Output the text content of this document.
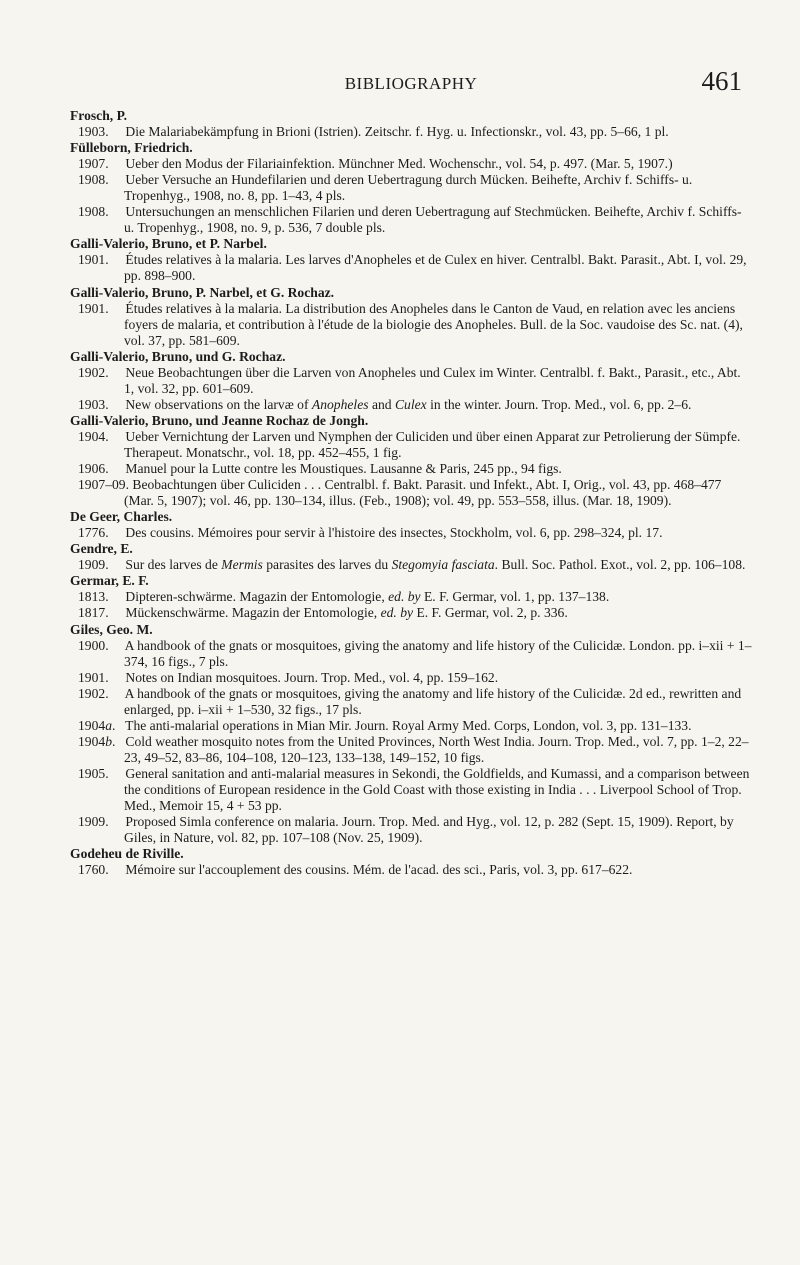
BIBLIOGRAPHY	461

Frosch, P.

1903. Die Malariabekämpfung in Brioni (Istrien). Zeitschr. f. Hyg. u. Infectionskr., vol. 43, pp. 5–66, 1 pl.

Fülleborn, Friedrich.

1907. Ueber den Modus der Filariainfektion. Münchner Med. Wochenschr., vol. 54, p. 497. (Mar. 5, 1907.)

1908. Ueber Versuche an Hundefilarien und deren Uebertragung durch Mücken. Beihefte, Archiv f. Schiffs- u. Tropenhyg., 1908, no. 8, pp. 1–43, 4 pls.

1908. Untersuchungen an menschlichen Filarien und deren Uebertragung auf Stechmücken. Beihefte, Archiv f. Schiffs- u. Tropenhyg., 1908, no. 9, p. 536, 7 double pls.

Galli-Valerio, Bruno, et P. Narbel.

1901. Études relatives à la malaria. Les larves d'Anopheles et de Culex en hiver. Centralbl. Bakt. Parasit., Abt. I, vol. 29, pp. 898–900.

Galli-Valerio, Bruno, P. Narbel, et G. Rochaz.

1901. Études relatives à la malaria. La distribution des Anopheles dans le Canton de Vaud, en relation avec les anciens foyers de malaria, et contribution à l'étude de la biologie des Anopheles. Bull. de la Soc. vaudoise des Sc. nat. (4), vol. 37, pp. 581–609.

Galli-Valerio, Bruno, und G. Rochaz.

1902. Neue Beobachtungen über die Larven von Anopheles und Culex im Winter. Centralbl. f. Bakt., Parasit., etc., Abt. 1, vol. 32, pp. 601–609.

1903. New observations on the larvæ of Anopheles and Culex in the winter. Journ. Trop. Med., vol. 6, pp. 2–6.

Galli-Valerio, Bruno, und Jeanne Rochaz de Jongh.

1904. Ueber Vernichtung der Larven und Nymphen der Culiciden und über einen Apparat zur Petrolierung der Sümpfe. Therapeut. Monatschr., vol. 18, pp. 452–455, 1 fig.

1906. Manuel pour la Lutte contre les Moustiques. Lausanne & Paris, 245 pp., 94 figs.

1907–09. Beobachtungen über Culiciden . . . Centralbl. f. Bakt. Parasit. und Infekt., Abt. I, Orig., vol. 43, pp. 468–477 (Mar. 5, 1907); vol. 46, pp. 130–134, illus. (Feb., 1908); vol. 49, pp. 553–558, illus. (Mar. 18, 1909).

De Geer, Charles.

1776. Des cousins. Mémoires pour servir à l'histoire des insectes, Stockholm, vol. 6, pp. 298–324, pl. 17.

Gendre, E.

1909. Sur des larves de Mermis parasites des larves du Stegomyia fasciata. Bull. Soc. Pathol. Exot., vol. 2, pp. 106–108.

Germar, E. F.

1813. Dipteren-schwärme. Magazin der Entomologie, ed. by E. F. Germar, vol. 1, pp. 137–138.

1817. Mückenschwärme. Magazin der Entomologie, ed. by E. F. Germar, vol. 2, p. 336.

Giles, Geo. M.

1900. A handbook of the gnats or mosquitoes, giving the anatomy and life history of the Culicidæ. London. pp. i–xii + 1–374, 16 figs., 7 pls.

1901. Notes on Indian mosquitoes. Journ. Trop. Med., vol. 4, pp. 159–162.

1902. A handbook of the gnats or mosquitoes, giving the anatomy and life history of the Culicidæ. 2d ed., rewritten and enlarged, pp. i–xii + 1–530, 32 figs., 17 pls.

1904a. The anti-malarial operations in Mian Mir. Journ. Royal Army Med. Corps, London, vol. 3, pp. 131–133.

1904b. Cold weather mosquito notes from the United Provinces, North West India. Journ. Trop. Med., vol. 7, pp. 1–2, 22–23, 49–52, 83–86, 104–108, 120–123, 133–138, 149–152, 10 figs.

1905. General sanitation and anti-malarial measures in Sekondi, the Goldfields, and Kumassi, and a comparison between the conditions of European residence in the Gold Coast with those existing in India . . . Liverpool School of Trop. Med., Memoir 15, 4 + 53 pp.

1909. Proposed Simla conference on malaria. Journ. Trop. Med. and Hyg., vol. 12, p. 282 (Sept. 15, 1909). Report, by Giles, in Nature, vol. 82, pp. 107–108 (Nov. 25, 1909).

Godeheu de Riville.

1760. Mémoire sur l'accouplement des cousins. Mém. de l'acad. des sci., Paris, vol. 3, pp. 617–622.
